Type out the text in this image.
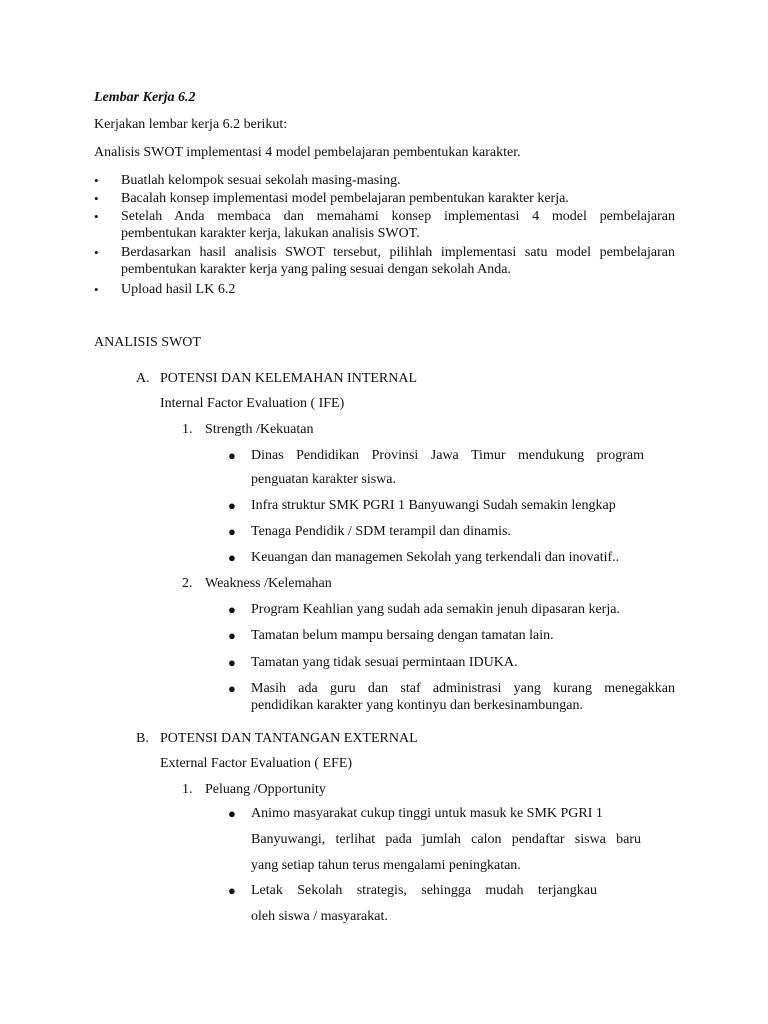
Lembar Kerja 6.2
Kerjakan lembar kerja 6.2 berikut:
Analisis SWOT implementasi 4 model pembelajaran pembentukan karakter.
• Buatlah kelompok sesuai sekolah masing-masing.
• Bacalah konsep implementasi model pembelajaran pembentukan karakter kerja.
• Setelah Anda membaca dan memahami konsep implementasi 4 model pembelajaran
pembentukan karakter kerja, lakukan analisis SWOT.
• Berdasarkan hasil analisis SWOT tersebut, pilihlah implementasi satu model pembelajaran
pembentukan karakter kerja yang paling sesuai dengan sekolah Anda.
• Upload hasil LK 6.2
ANALISIS SWOT
A. POTENSI DAN KELEMAHAN INTERNAL
Internal Factor Evaluation ( IFE)
1. Strength /Kekuatan
● Dinas Pendidikan Provinsi Jawa Timur mendukung program
penguatan karakter siswa.
● Infra struktur SMK PGRI 1 Banyuwangi Sudah semakin lengkap
● Tenaga Pendidik / SDM terampil dan dinamis.
● Keuangan dan managemen Sekolah yang terkendali dan inovatif..
2. Weakness /Kelemahan
● Program Keahlian yang sudah ada semakin jenuh dipasaran kerja.
● Tamatan belum mampu bersaing dengan tamatan lain.
● Tamatan yang tidak sesuai permintaan IDUKA.
● Masih ada guru dan staf administrasi yang kurang menegakkan
pendidikan karakter yang kontinyu dan berkesinambungan.
B. POTENSI DAN TANTANGAN EXTERNAL
External Factor Evaluation ( EFE)
1. Peluang /Opportunity
● Animo masyarakat cukup tinggi untuk masuk ke SMK PGRI 1
Banyuwangi, terlihat pada jumlah calon pendaftar siswa baru
yang setiap tahun terus mengalami peningkatan.
● Letak Sekolah strategis, sehingga mudah terjangkau
oleh siswa / masyarakat.
